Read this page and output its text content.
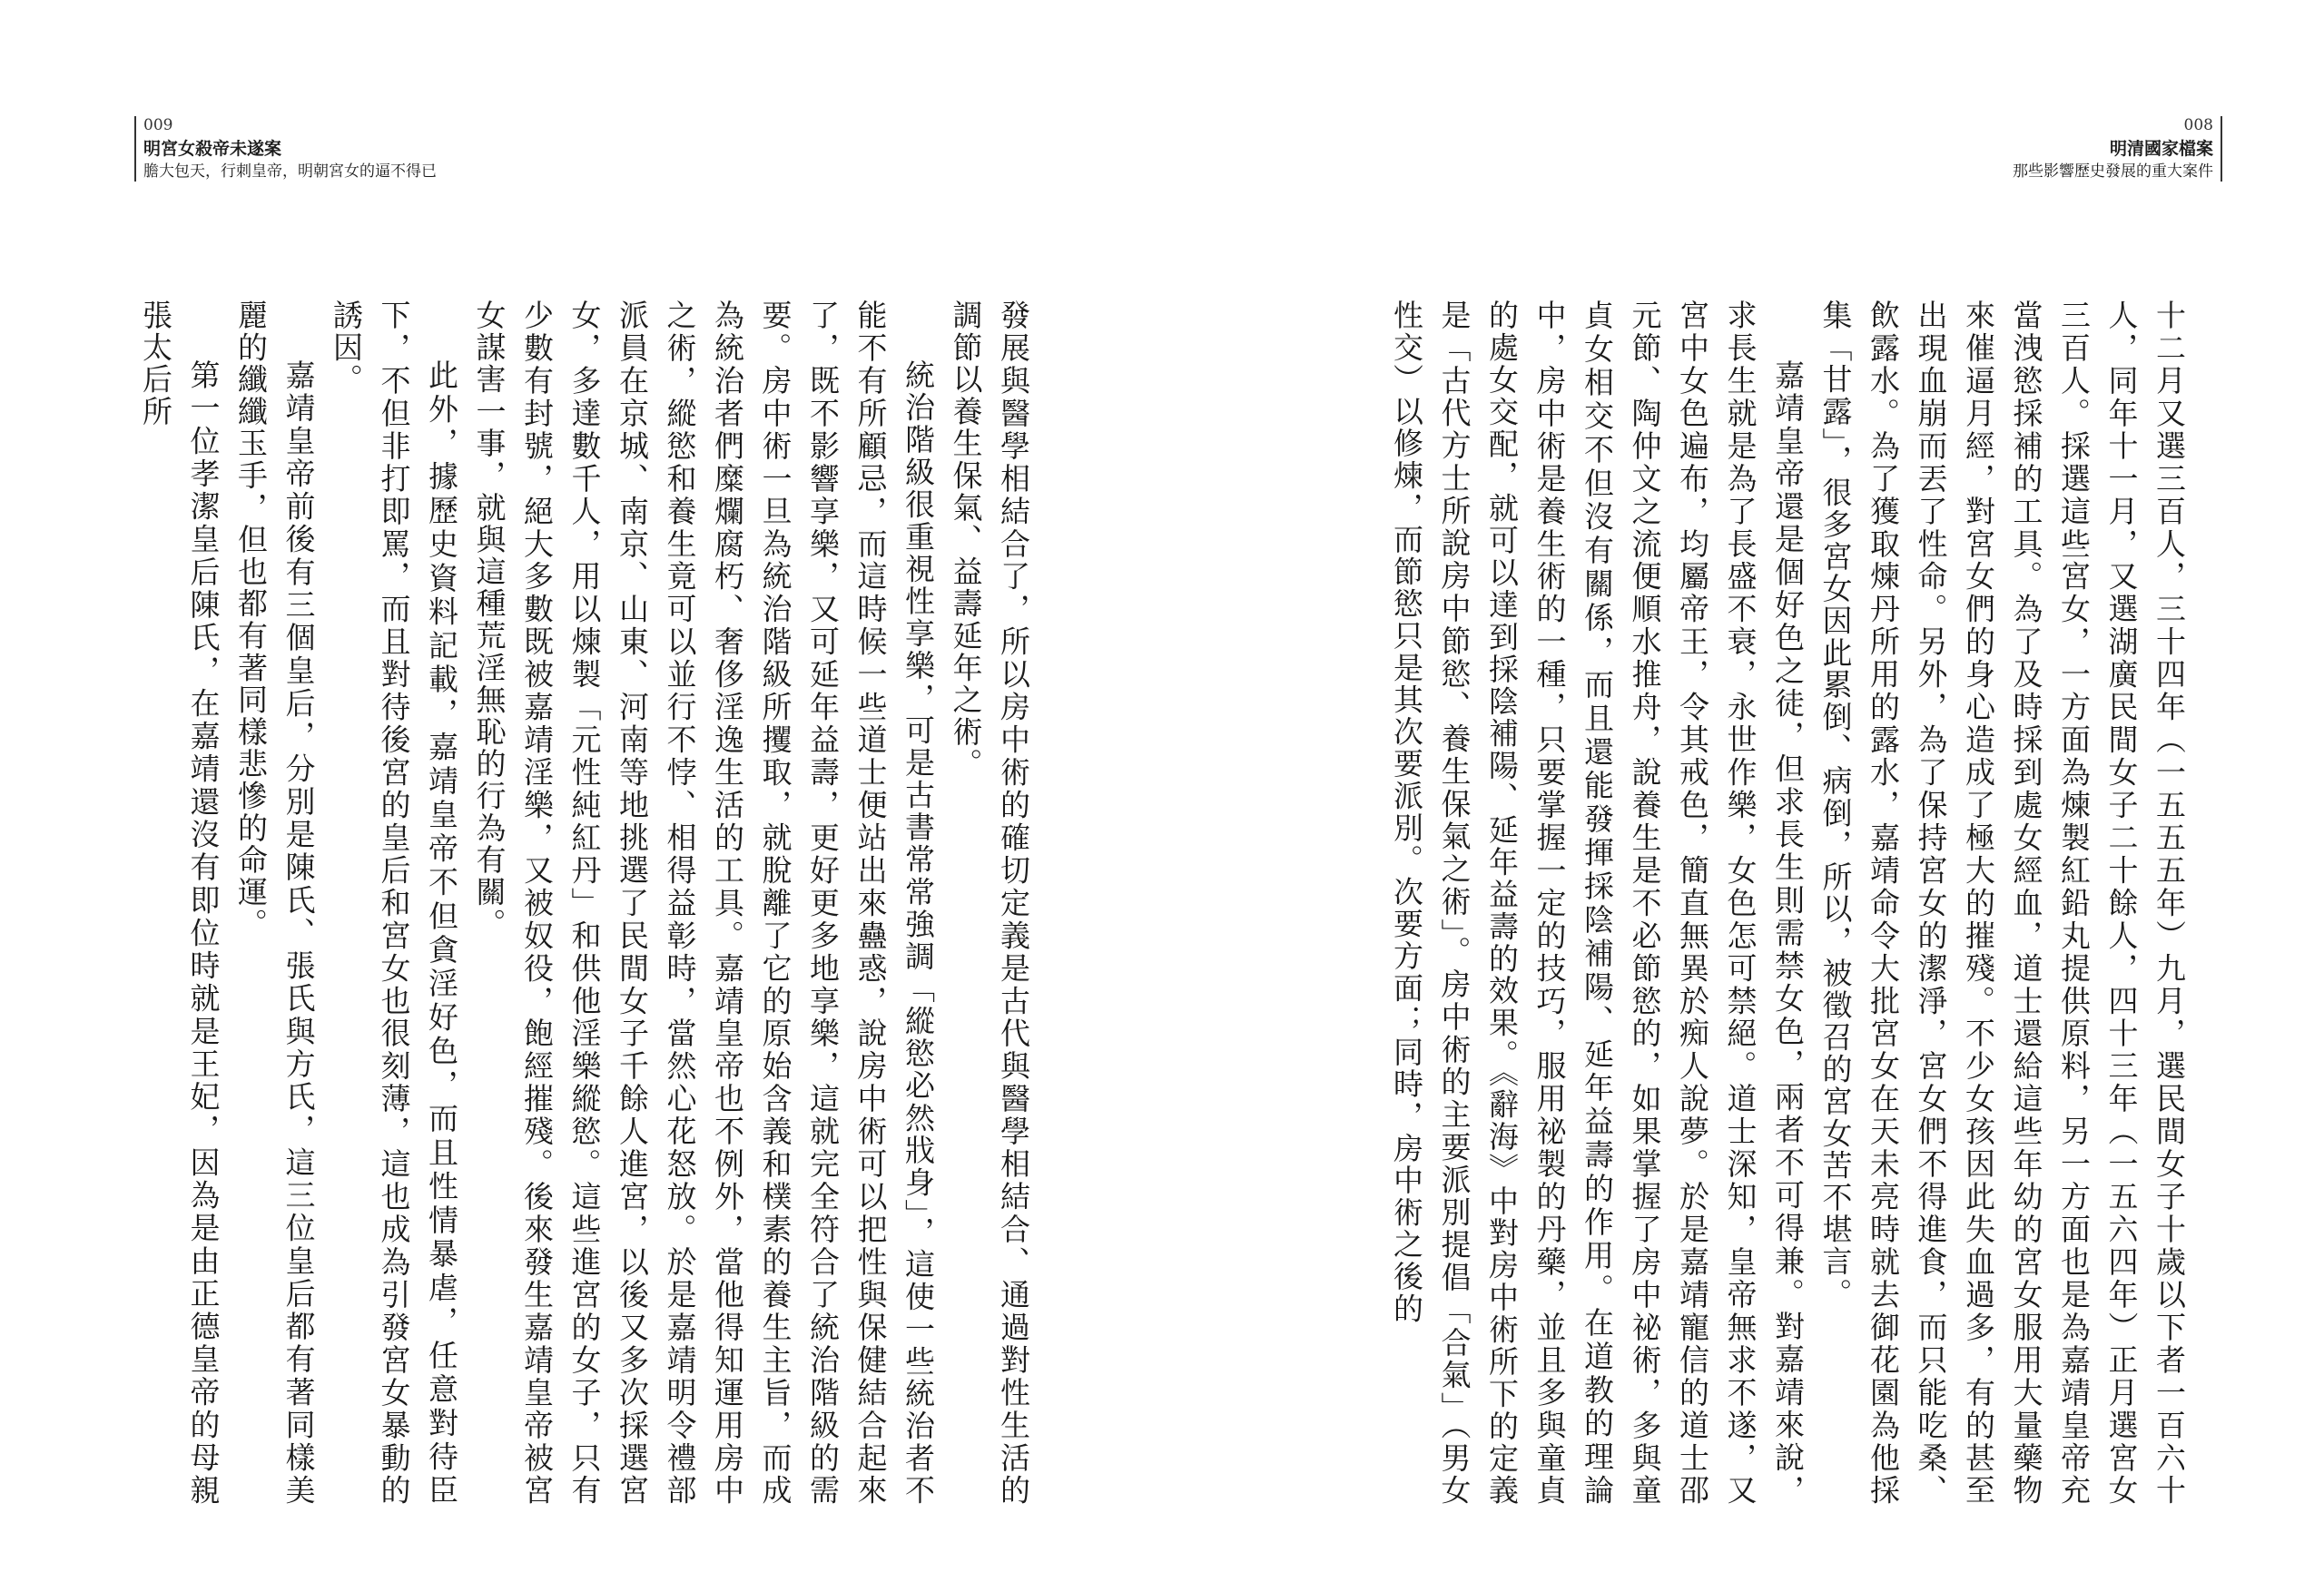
009
明宮女殺帝未遂案
膽大包天，行刺皇帝，明朝宮女的逼不得已

發展與醫學相結合了，所以房中術的確切定義是古代與醫學相結合、通過對性生活的調節以養生保氣、益壽延年之術。

統治階級很重視性享樂，可是古書常常強調「縱慾必然戕身」，這使一些統治者不能不有所顧忌，而這時候一些道士便站出來蠱惑，說房中術可以把性與保健結合起來了，既不影響享樂，又可延年益壽，更好更多地享樂，這就完全符合了統治階級的需要。房中術一旦為統治階級所攫取，就脫離了它的原始含義和樸素的養生主旨，而成為統治者們糜爛腐朽、奢侈淫逸生活的工具。嘉靖皇帝也不例外，當他得知運用房中之術，縱慾和養生竟可以並行不悖、相得益彰時，當然心花怒放。於是嘉靖明令禮部派員在京城、南京、山東、河南等地挑選了民間女子千餘人進宮，以後又多次採選宮女，多達數千人，用以煉製「元性純紅丹」和供他淫樂縱慾。這些進宮的女子，只有少數有封號，絕大多數既被嘉靖淫樂，又被奴役，飽經摧殘。後來發生嘉靖皇帝被宮女謀害一事，就與這種荒淫無恥的行為有關。

此外，據歷史資料記載，嘉靖皇帝不但貪淫好色，而且性情暴虐，任意對待臣下，不但非打即罵，而且對待後宮的皇后和宮女也很刻薄，這也成為引發宮女暴動的誘因。

嘉靖皇帝前後有三個皇后，分別是陳氏、張氏與方氏，這三位皇后都有著同樣美麗的纖纖玉手，但也都有著同樣悲慘的命運。

第一位孝潔皇后陳氏，在嘉靖還沒有即位時就是王妃，因為是由正德皇帝的母親張太后所

008
明清國家檔案
那些影響歷史發展的重大案件

十二月又選三百人，三十四年（一五五五年）九月，選民間女子十歲以下者一百六十人，同年十一月，又選湖廣民間女子二十餘人，四十三年（一五六四年）正月選宮女三百人。採選這些宮女，一方面為煉製紅鉛丸提供原料，另一方面也是為嘉靖皇帝充當洩慾採補的工具。為了及時採到處女經血，道士還給這些年幼的宮女服用大量藥物來催逼月經，對宮女們的身心造成了極大的摧殘。不少女孩因此失血過多，有的甚至出現血崩而丟了性命。另外，為了保持宮女的潔淨，宮女們不得進食，而只能吃桑、飲露水。為了獲取煉丹所用的露水，嘉靖命令大批宮女在天未亮時就去御花園為他採集「甘露」，很多宮女因此累倒、病倒，所以，被徵召的宮女苦不堪言。

嘉靖皇帝還是個好色之徒，但求長生則需禁女色，兩者不可得兼。對嘉靖來說，求長生就是為了長盛不衰，永世作樂，女色怎可禁絕。道士深知，皇帝無求不遂，又宮中女色遍布，均屬帝王，令其戒色，簡直無異於痴人說夢。於是嘉靖寵信的道士邵元節、陶仲文之流便順水推舟，說養生是不必節慾的，如果掌握了房中祕術，多與童貞女相交不但沒有關係，而且還能發揮採陰補陽、延年益壽的作用。在道教的理論中，房中術是養生術的一種，只要掌握一定的技巧，服用祕製的丹藥，並且多與童貞的處女交配，就可以達到採陰補陽、延年益壽的效果。《辭海》中對房中術所下的定義是「古代方士所說房中節慾、養生保氣之術」。房中術的主要派別提倡「合氣」（男女性交）以修煉，而節慾只是其次要派別。次要方面；同時，房中術之後的
